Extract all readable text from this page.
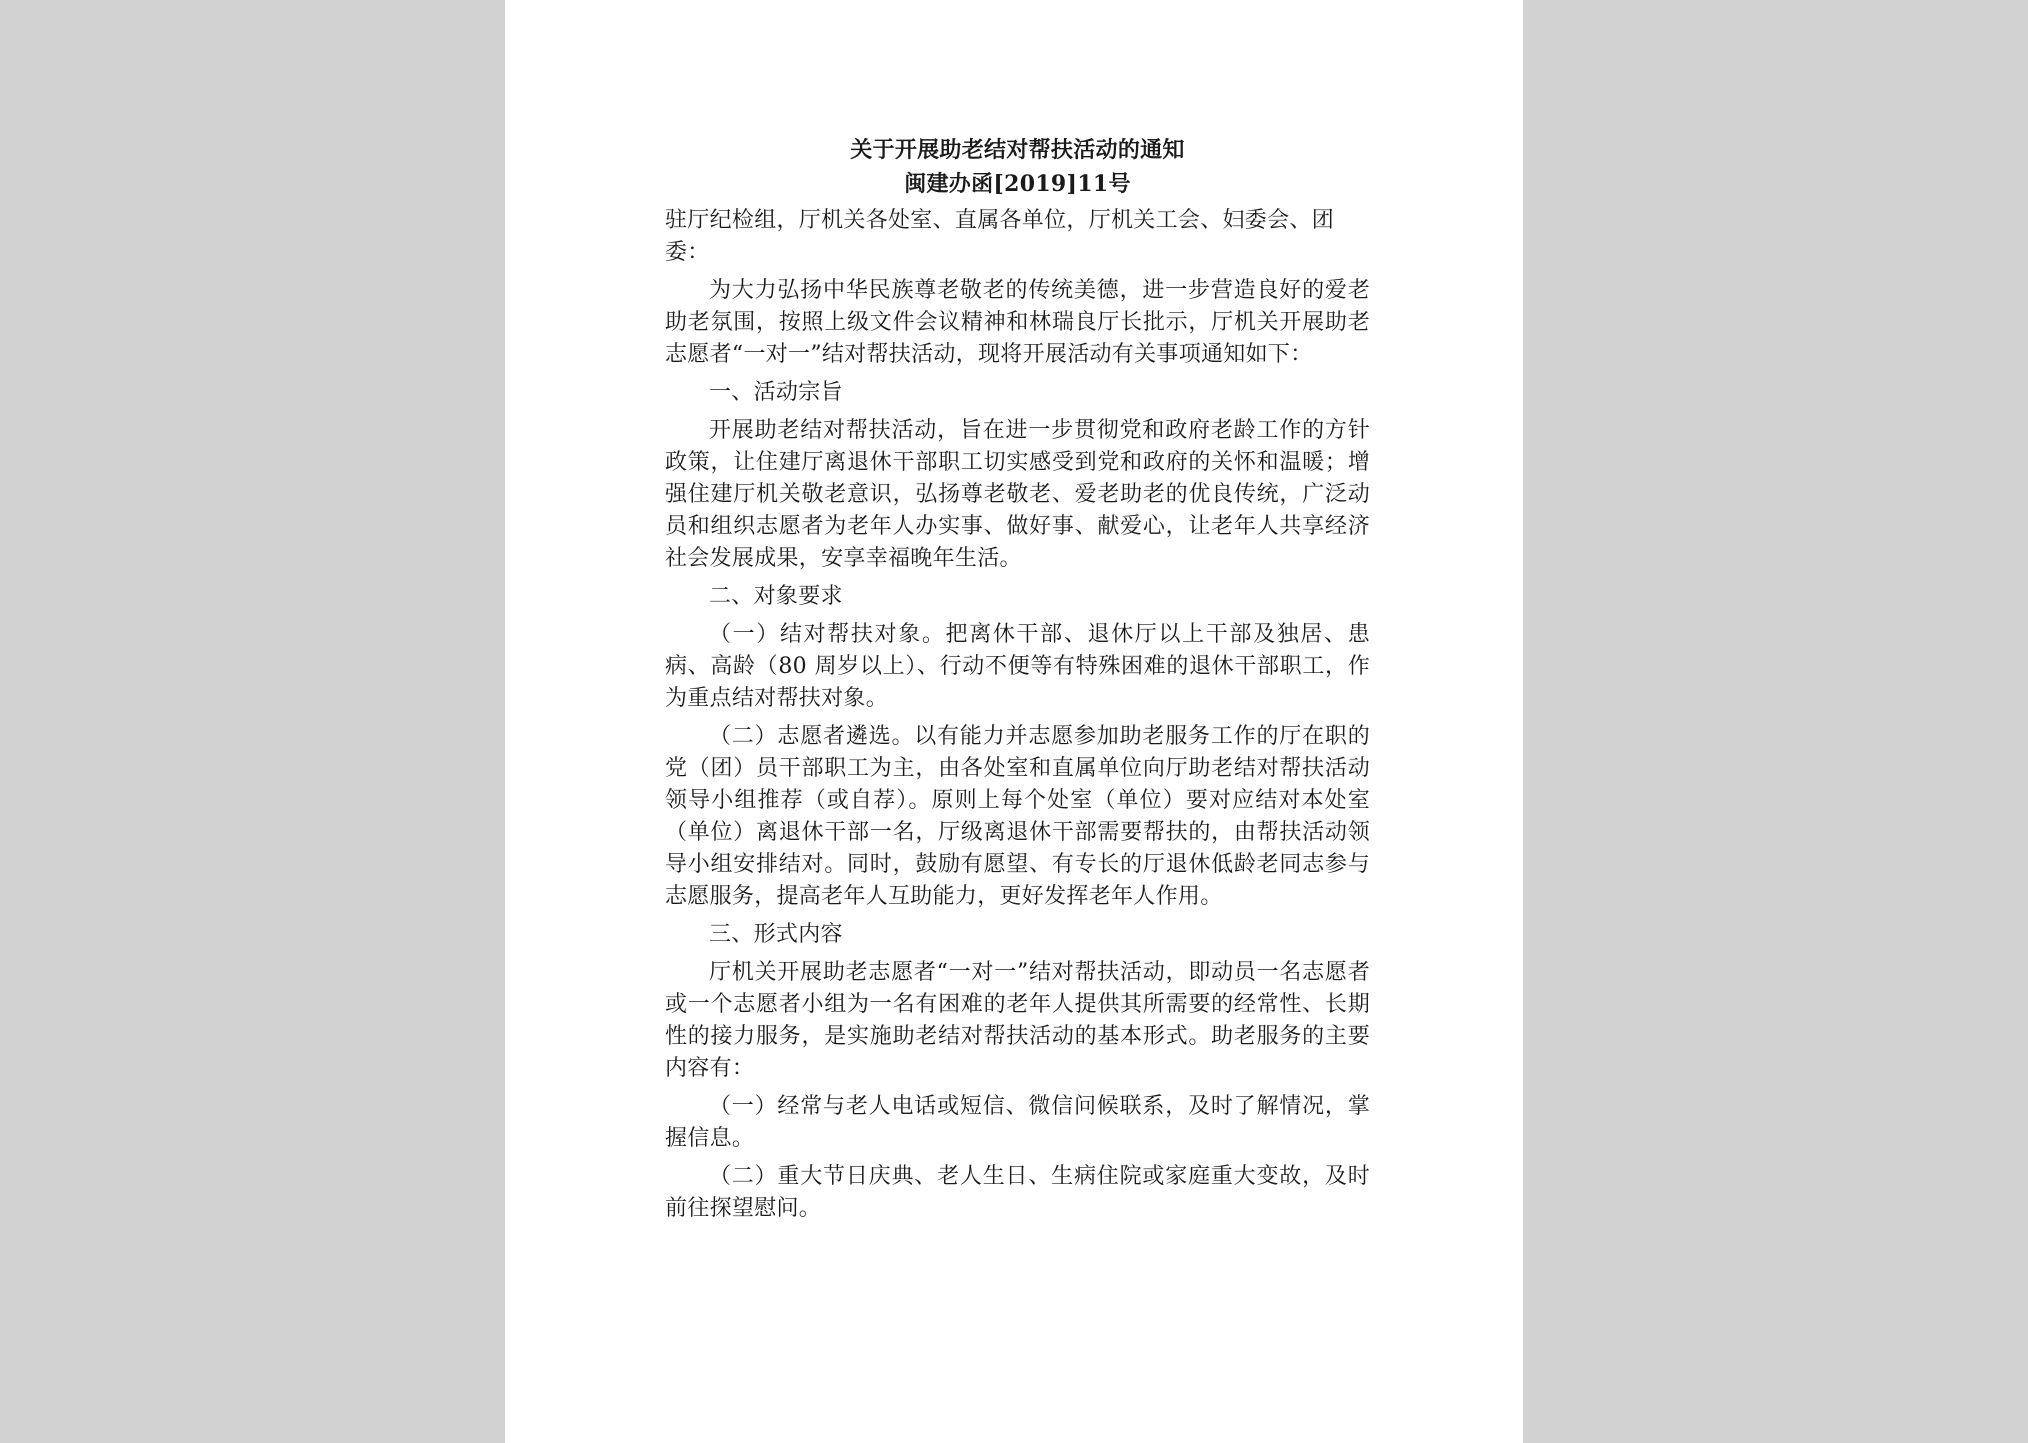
关于开展助老结对帮扶活动的通知

闽建办函[2019]11号

驻厅纪检组，厅机关各处室、直属各单位，厅机关工会、妇委会、团委：

为大力弘扬中华民族尊老敬老的传统美德，进一步营造良好的爱老助老氛围，按照上级文件会议精神和林瑞良厅长批示，厅机关开展助老志愿者“一对一”结对帮扶活动，现将开展活动有关事项通知如下：

一、活动宗旨

开展助老结对帮扶活动，旨在进一步贯彻党和政府老龄工作的方针政策，让住建厅离退休干部职工切实感受到党和政府的关怀和温暖；增强住建厅机关敬老意识，弘扬尊老敬老、爱老助老的优良传统，广泛动员和组织志愿者为老年人办实事、做好事、献爱心，让老年人共享经济社会发展成果，安享幸福晚年生活。

二、对象要求

（一）结对帮扶对象。把离休干部、退休厅以上干部及独居、患病、高龄（80 周岁以上）、行动不便等有特殊困难的退休干部职工，作为重点结对帮扶对象。

（二）志愿者遴选。以有能力并志愿参加助老服务工作的厅在职的党（团）员干部职工为主，由各处室和直属单位向厅助老结对帮扶活动领导小组推荐（或自荐）。原则上每个处室（单位）要对应结对本处室（单位）离退休干部一名，厅级离退休干部需要帮扶的，由帮扶活动领导小组安排结对。同时，鼓励有愿望、有专长的厅退休低龄老同志参与志愿服务，提高老年人互助能力，更好发挥老年人作用。

三、形式内容

厅机关开展助老志愿者“一对一”结对帮扶活动，即动员一名志愿者或一个志愿者小组为一名有困难的老年人提供其所需要的经常性、长期性的接力服务，是实施助老结对帮扶活动的基本形式。助老服务的主要内容有：

（一）经常与老人电话或短信、微信问候联系，及时了解情况，掌握信息。

（二）重大节日庆典、老人生日、生病住院或家庭重大变故，及时前往探望慰问。
